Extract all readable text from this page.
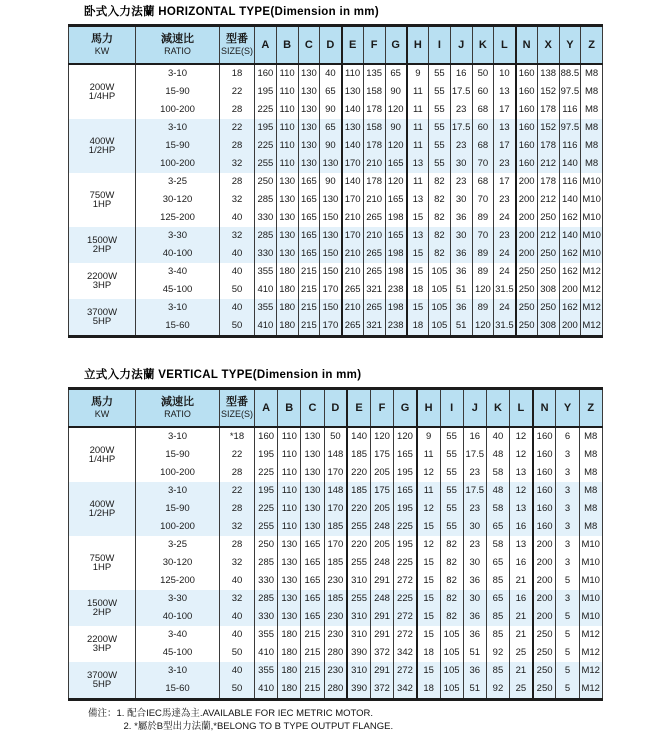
卧式入力法蘭 HORIZONTAL TYPE(Dimension in mm)
馬力
KW

減速比
RATIO

型番
SIZE(S)	A	B	C	D	E	F	G	H	I	J	K	L	N	X	Y	Z

200W
1/4HP	3-10	18	160	110	130	40	110	135	65	9	55	16	50	10	160	138	88.5	M8
	15-90	22	195	110	130	65	130	158	90	11	55	17.5	60	13	160	152	97.5	M8
	100-200	28	225	110	130	90	140	178	120	11	55	23	68	17	160	178	116	M8

400W
1/2HP	3-10	22	195	110	130	65	130	158	90	11	55	17.5	60	13	160	152	97.5	M8
	15-90	28	225	110	130	90	140	178	120	11	55	23	68	17	160	178	116	M8
	100-200	32	255	110	130	130	170	210	165	13	55	30	70	23	160	212	140	M8

750W
1HP	3-25	28	250	130	165	90	140	178	120	11	82	23	68	17	200	178	116	M10
	30-120	32	285	130	165	130	170	210	165	13	82	30	70	23	200	212	140	M10
	125-200	40	330	130	165	150	210	265	198	15	82	36	89	24	200	250	162	M10

1500W
2HP	3-30	32	285	130	165	130	170	210	165	13	82	30	70	23	200	212	140	M10
	40-100	40	330	130	165	150	210	265	198	15	82	36	89	24	200	250	162	M10

2200W
3HP	3-40	40	355	180	215	150	210	265	198	15	105	36	89	24	250	250	162	M12
	45-100	50	410	180	215	170	265	321	238	18	105	51	120	31.5	250	308	200	M12

3700W
5HP	3-10	40	355	180	215	150	210	265	198	15	105	36	89	24	250	250	162	M12
	15-60	50	410	180	215	170	265	321	238	18	105	51	120	31.5	250	308	200	M12
立式入力法蘭 VERTICAL TYPE(Dimension in mm)
馬力
KW

減速比
RATIO

型番
SIZE(S)	A	B	C	D	E	F	G	H	I	J	K	L	N	Y	Z

200W
1/4HP	3-10	*18	160	110	130	50	140	120	120	9	55	16	40	12	160	6	M8
	15-90	22	195	110	130	148	185	175	165	11	55	17.5	48	12	160	3	M8
	100-200	28	225	110	130	170	220	205	195	12	55	23	58	13	160	3	M8

400W
1/2HP	3-10	22	195	110	130	148	185	175	165	11	55	17.5	48	12	160	3	M8
	15-90	28	225	110	130	170	220	205	195	12	55	23	58	13	160	3	M8
	100-200	32	255	110	130	185	255	248	225	15	55	30	65	16	160	3	M8

750W
1HP	3-25	28	250	130	165	170	220	205	195	12	82	23	58	13	200	3	M10
	30-120	32	285	130	165	185	255	248	225	15	82	30	65	16	200	3	M10
	125-200	40	330	130	165	230	310	291	272	15	82	36	85	21	200	5	M10

1500W
2HP	3-30	32	285	130	165	185	255	248	225	15	82	30	65	16	200	3	M10
	40-100	40	330	130	165	230	310	291	272	15	82	36	85	21	200	5	M10

2200W
3HP	3-40	40	355	180	215	230	310	291	272	15	105	36	85	21	250	5	M12
	45-100	50	410	180	215	280	390	372	342	18	105	51	92	25	250	5	M12

3700W
5HP	3-10	40	355	180	215	230	310	291	272	15	105	36	85	21	250	5	M12
	15-60	50	410	180	215	280	390	372	342	18	105	51	92	25	250	5	M12
備注： 1. 配合IEC馬達為主.AVAILABLE FOR IEC METRIC MOTOR.
2. *屬於B型出力法蘭,*BELONG TO B TYPE OUTPUT FLANGE.
